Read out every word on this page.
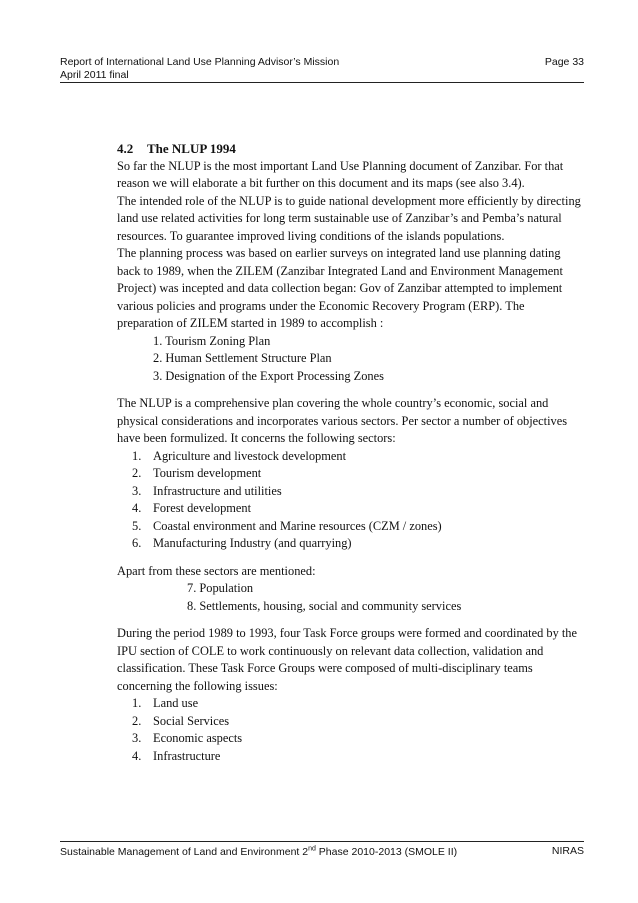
Report of International Land Use Planning Advisor’s Mission	Page 33
April 2011 final

4.2 The NLUP 1994

So far the NLUP is the most important Land Use Planning document of Zanzibar. For that reason we will elaborate a bit further on this document and its maps (see also 3.4).

The intended role of the NLUP is to guide national development more efficiently by directing land use related activities for long term sustainable use of Zanzibar’s and Pemba’s natural resources. To guarantee improved living conditions of the islands populations.

The planning process was based on earlier surveys on integrated land use planning dating back to 1989, when the ZILEM (Zanzibar Integrated Land and Environment Management Project) was incepted and data collection began: Gov of Zanzibar attempted to implement various policies and programs under the Economic Recovery Program (ERP). The preparation of ZILEM started in 1989 to accomplish :

1. Tourism Zoning Plan
2. Human Settlement Structure Plan
3. Designation of the Export Processing Zones

The NLUP is a comprehensive plan covering the whole country’s economic, social and physical considerations and incorporates various sectors. Per sector a number of objectives have been formulized. It concerns the following sectors:

1. Agriculture and livestock development
2. Tourism development
3. Infrastructure and utilities
4. Forest development
5. Coastal environment and Marine resources (CZM / zones)
6. Manufacturing Industry (and quarrying)

Apart from these sectors are mentioned:

7. Population
8. Settlements, housing, social and community services

During the period 1989 to 1993, four Task Force groups were formed and coordinated by the IPU section of COLE to work continuously on relevant data collection, validation and classification. These Task Force Groups were composed of multi-disciplinary teams concerning the following issues:

1. Land use
2. Social Services
3. Economic aspects
4. Infrastructure
Sustainable Management of Land and Environment 2nd Phase 2010-2013 (SMOLE II)	NIRAS
